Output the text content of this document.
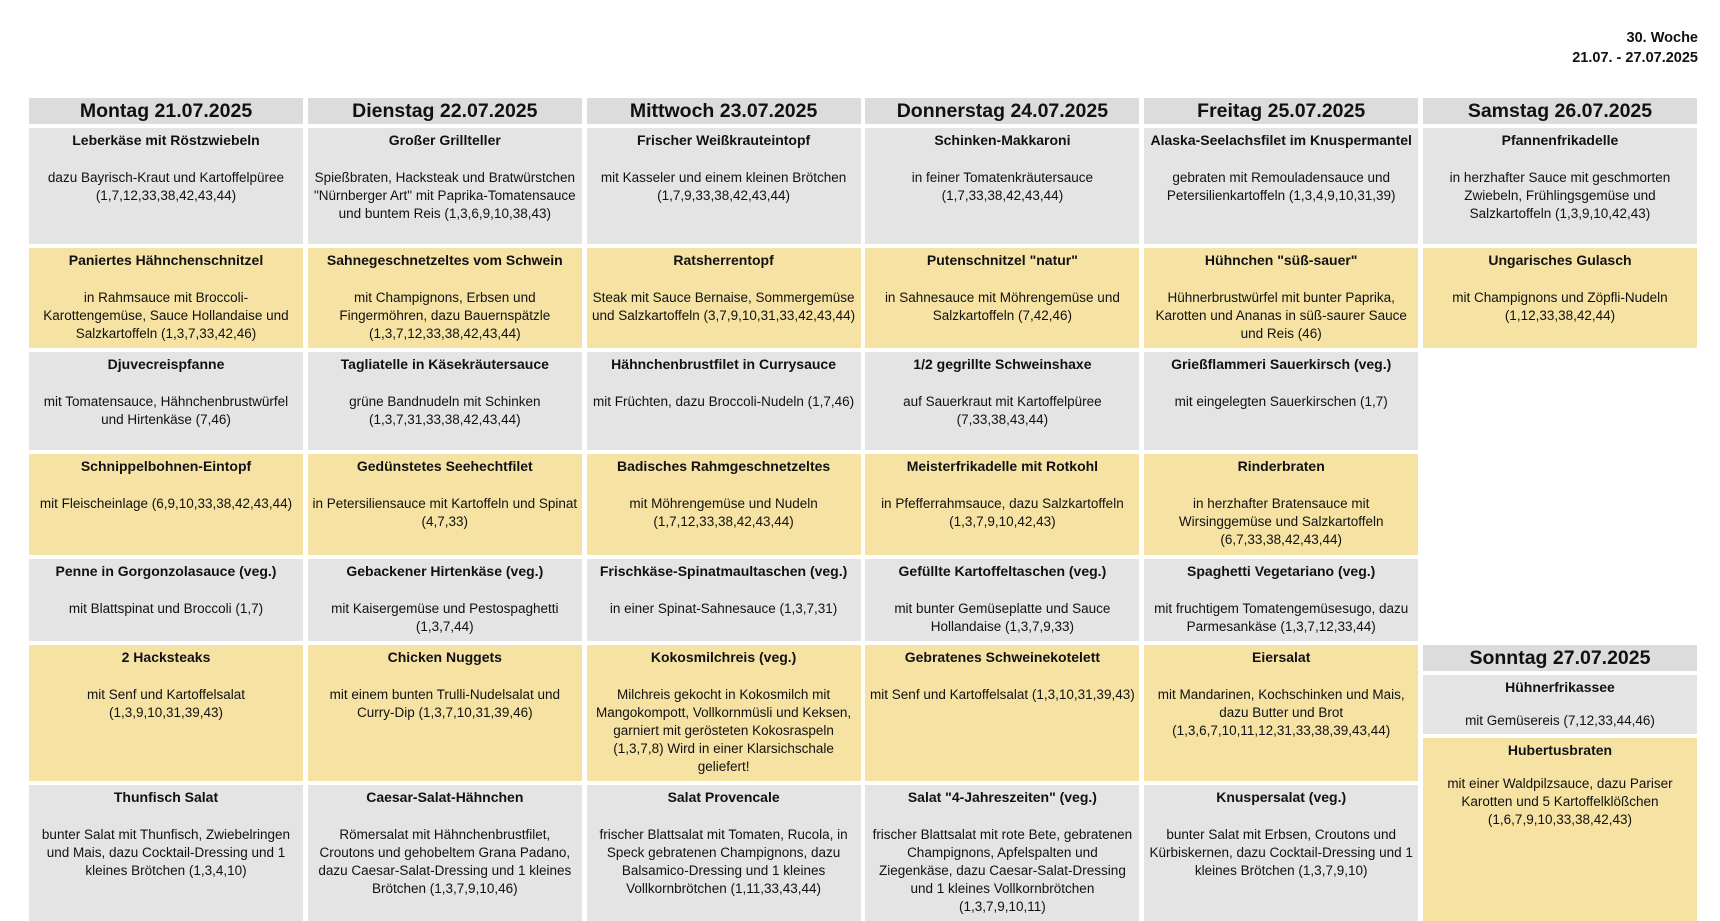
30. Woche
21.07. - 27.07.2025
Montag 21.07.2025
Leberkäse mit Röstzwiebeln
dazu Bayrisch-Kraut und Kartoffelpüree (1,7,12,33,38,42,43,44)
Paniertes Hähnchenschnitzel
in Rahmsauce mit Broccoli-Karottengemüse, Sauce Hollandaise und Salzkartoffeln (1,3,7,33,42,46)
Djuvecreispfanne
mit Tomatensauce, Hähnchenbrustwürfel und Hirtenkäse (7,46)
Schnippelbohnen-Eintopf
mit Fleischeinlage (6,9,10,33,38,42,43,44)
Penne in Gorgonzolasauce (veg.)
mit Blattspinat und Broccoli (1,7)
2 Hacksteaks
mit Senf und Kartoffelsalat (1,3,9,10,31,39,43)
Thunfisch Salat
bunter Salat mit Thunfisch, Zwiebelringen und Mais, dazu Cocktail-Dressing und 1 kleines Brötchen (1,3,4,10)
Dienstag 22.07.2025
Großer Grillteller
Spießbraten, Hacksteak und Bratwürstchen "Nürnberger Art" mit Paprika-Tomatensauce und buntem Reis (1,3,6,9,10,38,43)
Sahnegeschnetzeltes vom Schwein
mit Champignons, Erbsen und Fingermöhren, dazu Bauernspätzle (1,3,7,12,33,38,42,43,44)
Tagliatelle in Käsekräutersauce
grüne Bandnudeln mit Schinken (1,3,7,31,33,38,42,43,44)
Gedünstetes Seehechtfilet
in Petersiliensauce mit Kartoffeln und Spinat (4,7,33)
Gebackener Hirtenkäse (veg.)
mit Kaisergemüse und Pestospaghetti (1,3,7,44)
Chicken Nuggets
mit einem bunten Trulli-Nudelsalat und Curry-Dip (1,3,7,10,31,39,46)
Caesar-Salat-Hähnchen
Römersalat mit Hähnchenbrustfilet, Croutons und gehobeltem Grana Padano, dazu Caesar-Salat-Dressing und 1 kleines Brötchen (1,3,7,9,10,46)
Mittwoch 23.07.2025
Frischer Weißkrauteintopf
mit Kasseler und einem kleinen Brötchen (1,7,9,33,38,42,43,44)
Ratsherrentopf
Steak mit Sauce Bernaise, Sommergemüse und Salzkartoffeln (3,7,9,10,31,33,42,43,44)
Hähnchenbrustfilet in Currysauce
mit Früchten, dazu Broccoli-Nudeln (1,7,46)
Badisches Rahmgeschnetzeltes
mit Möhrengemüse und Nudeln (1,7,12,33,38,42,43,44)
Frischkäse-Spinatmaultaschen (veg.)
in einer Spinat-Sahnesauce (1,3,7,31)
Kokosmilchreis (veg.)
Milchreis gekocht in Kokosmilch mit Mangokompott, Vollkornmüsli und Keksen, garniert mit gerösteten Kokosraspeln (1,3,7,8) Wird in einer Klarsichschale geliefert!
Salat Provencale
frischer Blattsalat mit Tomaten, Rucola, in Speck gebratenen Champignons, dazu Balsamico-Dressing und 1 kleines Vollkornbrötchen (1,11,33,43,44)
Donnerstag 24.07.2025
Schinken-Makkaroni
in feiner Tomatenkräutersauce (1,7,33,38,42,43,44)
Putenschnitzel "natur"
in Sahnesauce mit Möhrengemüse und Salzkartoffeln (7,42,46)
1/2 gegrillte Schweinshaxe
auf Sauerkraut mit Kartoffelpüree (7,33,38,43,44)
Meisterfrikadelle mit Rotkohl
in Pfefferrahmsauce, dazu Salzkartoffeln (1,3,7,9,10,42,43)
Gefüllte Kartoffeltaschen (veg.)
mit bunter Gemüseplatte und Sauce Hollandaise (1,3,7,9,33)
Gebratenes Schweinekotelett
mit Senf und Kartoffelsalat (1,3,10,31,39,43)
Salat "4-Jahreszeiten" (veg.)
frischer Blattsalat mit rote Bete, gebratenen Champignons, Apfelspalten und Ziegenkäse, dazu Caesar-Salat-Dressing und 1 kleines Vollkornbrötchen (1,3,7,9,10,11)
Freitag 25.07.2025
Alaska-Seelachsfilet im Knuspermantel
gebraten mit Remouladensauce und Petersilienkartoffeln (1,3,4,9,10,31,39)
Hühnchen "süß-sauer"
Hühnerbrustwürfel mit bunter Paprika, Karotten und Ananas in süß-saurer Sauce und Reis (46)
Grießflammeri Sauerkirsch (veg.)
mit eingelegten Sauerkirschen (1,7)
Rinderbraten
in herzhafter Bratensauce mit Wirsinggemüse und Salzkartoffeln (6,7,33,38,42,43,44)
Spaghetti Vegetariano (veg.)
mit fruchtigem Tomatengemüsesugo, dazu Parmesankäse (1,3,7,12,33,44)
Eiersalat
mit Mandarinen, Kochschinken und Mais, dazu Butter und Brot (1,3,6,7,10,11,12,31,33,38,39,43,44)
Knuspersalat (veg.)
bunter Salat mit Erbsen, Croutons und Kürbiskernen, dazu Cocktail-Dressing und 1 kleines Brötchen (1,3,7,9,10)
Samstag 26.07.2025
Pfannenfrikadelle
in herzhafter Sauce mit geschmorten Zwiebeln, Frühlingsgemüse und Salzkartoffeln (1,3,9,10,42,43)
Ungarisches Gulasch
mit Champignons und Zöpfli-Nudeln (1,12,33,38,42,44)
Sonntag 27.07.2025
Hühnerfrikassee
mit Gemüsereis (7,12,33,44,46)
Hubertusbraten
mit einer Waldpilzsauce, dazu Pariser Karotten und 5 Kartoffelklößchen (1,6,7,9,10,33,38,42,43)
